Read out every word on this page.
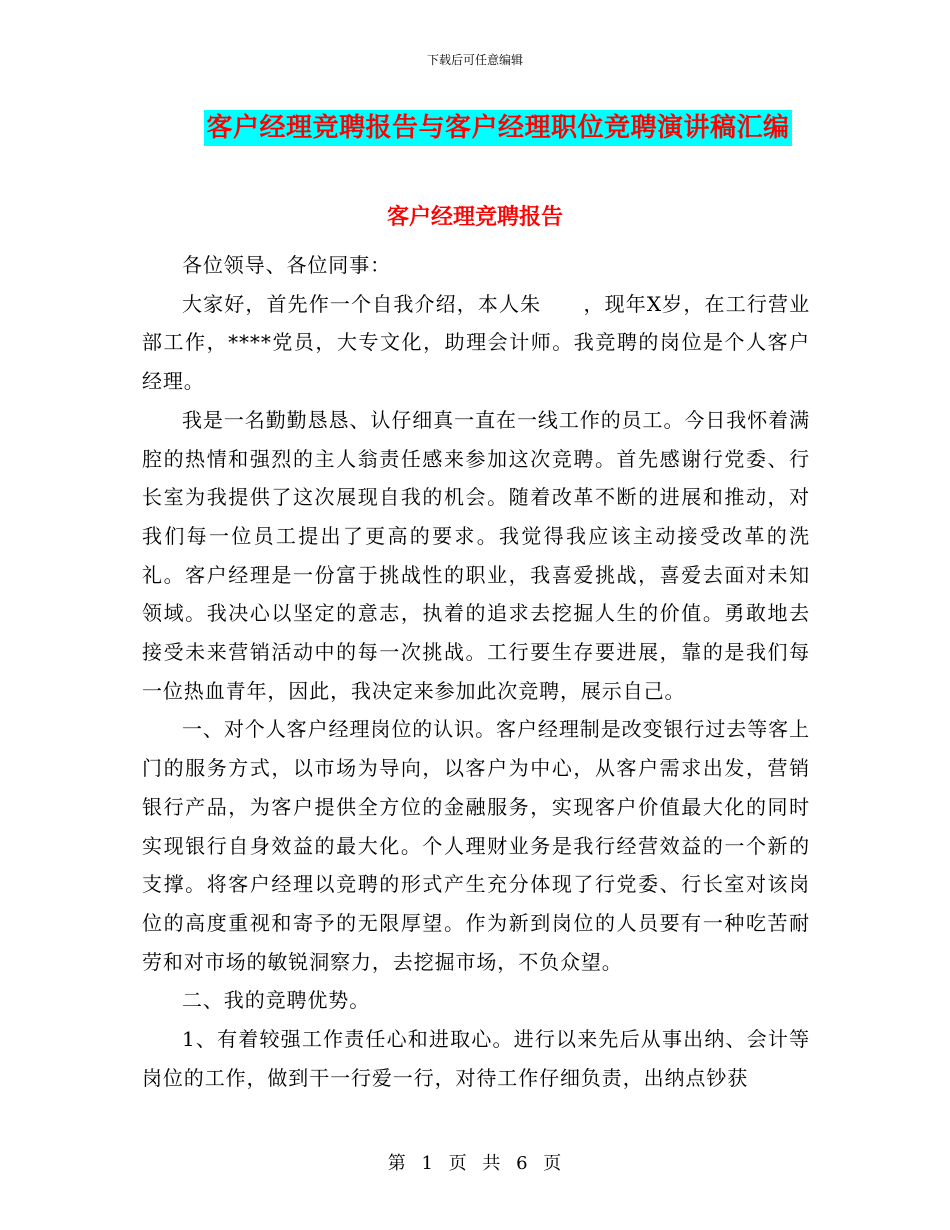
下载后可任意编辑
客户经理竞聘报告与客户经理职位竞聘演讲稿汇编
客户经理竞聘报告

各位领导、各位同事：

大家好，首先作一个自我介绍，本人朱　　，现年X岁，在工行营业部工作，****党员，大专文化，助理会计师。我竞聘的岗位是个人客户经理。

我是一名勤勤恳恳、认仔细真一直在一线工作的员工。今日我怀着满腔的热情和强烈的主人翁责任感来参加这次竞聘。首先感谢行党委、行长室为我提供了这次展现自我的机会。随着改革不断的进展和推动，对我们每一位员工提出了更高的要求。我觉得我应该主动接受改革的洗礼。客户经理是一份富于挑战性的职业，我喜爱挑战，喜爱去面对未知领域。我决心以坚定的意志，执着的追求去挖掘人生的价值。勇敢地去接受未来营销活动中的每一次挑战。工行要生存要进展，靠的是我们每一位热血青年，因此，我决定来参加此次竞聘，展示自己。

一、对个人客户经理岗位的认识。客户经理制是改变银行过去等客上门的服务方式，以市场为导向，以客户为中心，从客户需求出发，营销银行产品，为客户提供全方位的金融服务，实现客户价值最大化的同时实现银行自身效益的最大化。个人理财业务是我行经营效益的一个新的支撑。将客户经理以竞聘的形式产生充分体现了行党委、行长室对该岗位的高度重视和寄予的无限厚望。作为新到岗位的人员要有一种吃苦耐劳和对市场的敏锐洞察力，去挖掘市场，不负众望。

二、我的竞聘优势。

1、有着较强工作责任心和进取心。进行以来先后从事出纳、会计等岗位的工作，做到干一行爱一行，对待工作仔细负责，出纳点钞获

第 1 页 共 6 页
